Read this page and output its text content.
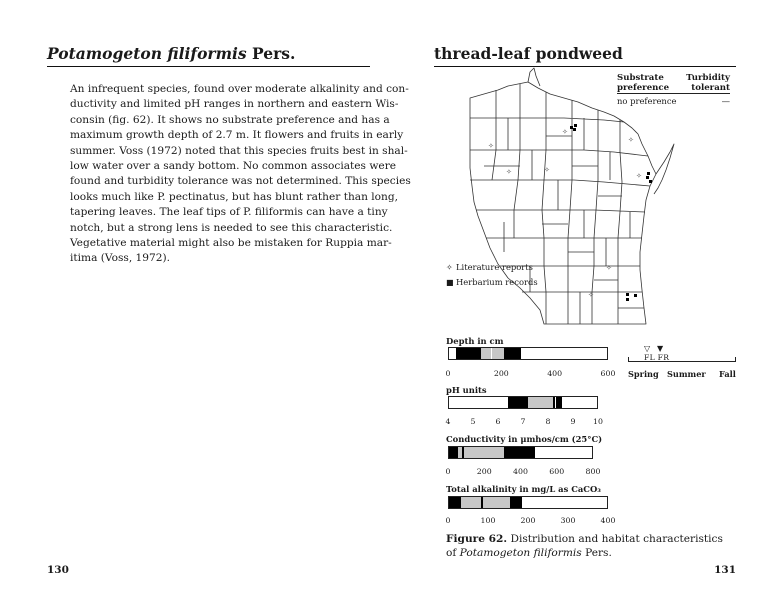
Potamogeton filiformis Pers.
An infrequent species, found over moderate alkalinity and con-
ductivity and limited pH ranges in northern and eastern Wis-
consin (fig. 62). It shows no substrate preference and has a
maximum growth depth of 2.7 m. It flowers and fruits in early
summer. Voss (1972) noted that this species fruits best in shal-
low water over a sandy bottom. No common associates were
found and turbidity tolerance was not determined. This species
looks much like P. pectinatus, but has blunt rather than long,
tapering leaves. The leaf tips of P. filiformis can have a tiny
notch, but a strong lens is needed to see this characteristic.
Vegetative material might also be mistaken for Ruppia mar-
itima (Voss, 1972).
130
thread-leaf pondweed
Substrate
preference
Turbidity
tolerant
no preference	—
✧
✧
✧	✧
✧
✧
✧
✧
✧ Literature reports
■ Herbarium records
Depth in cm
0	200	400	600
▽ ▼
FL FR
Spring Summer Fall
pH units
4	5	6	7	8	9 10
Conductivity in μmhos/cm (25°C)
0	200	400	600	800
Total alkalinity in mg/L as CaCO₃
0	100	200	300	400
Figure 62. Distribution and habitat characteristics of Potamogeton filiformis Pers.
131
